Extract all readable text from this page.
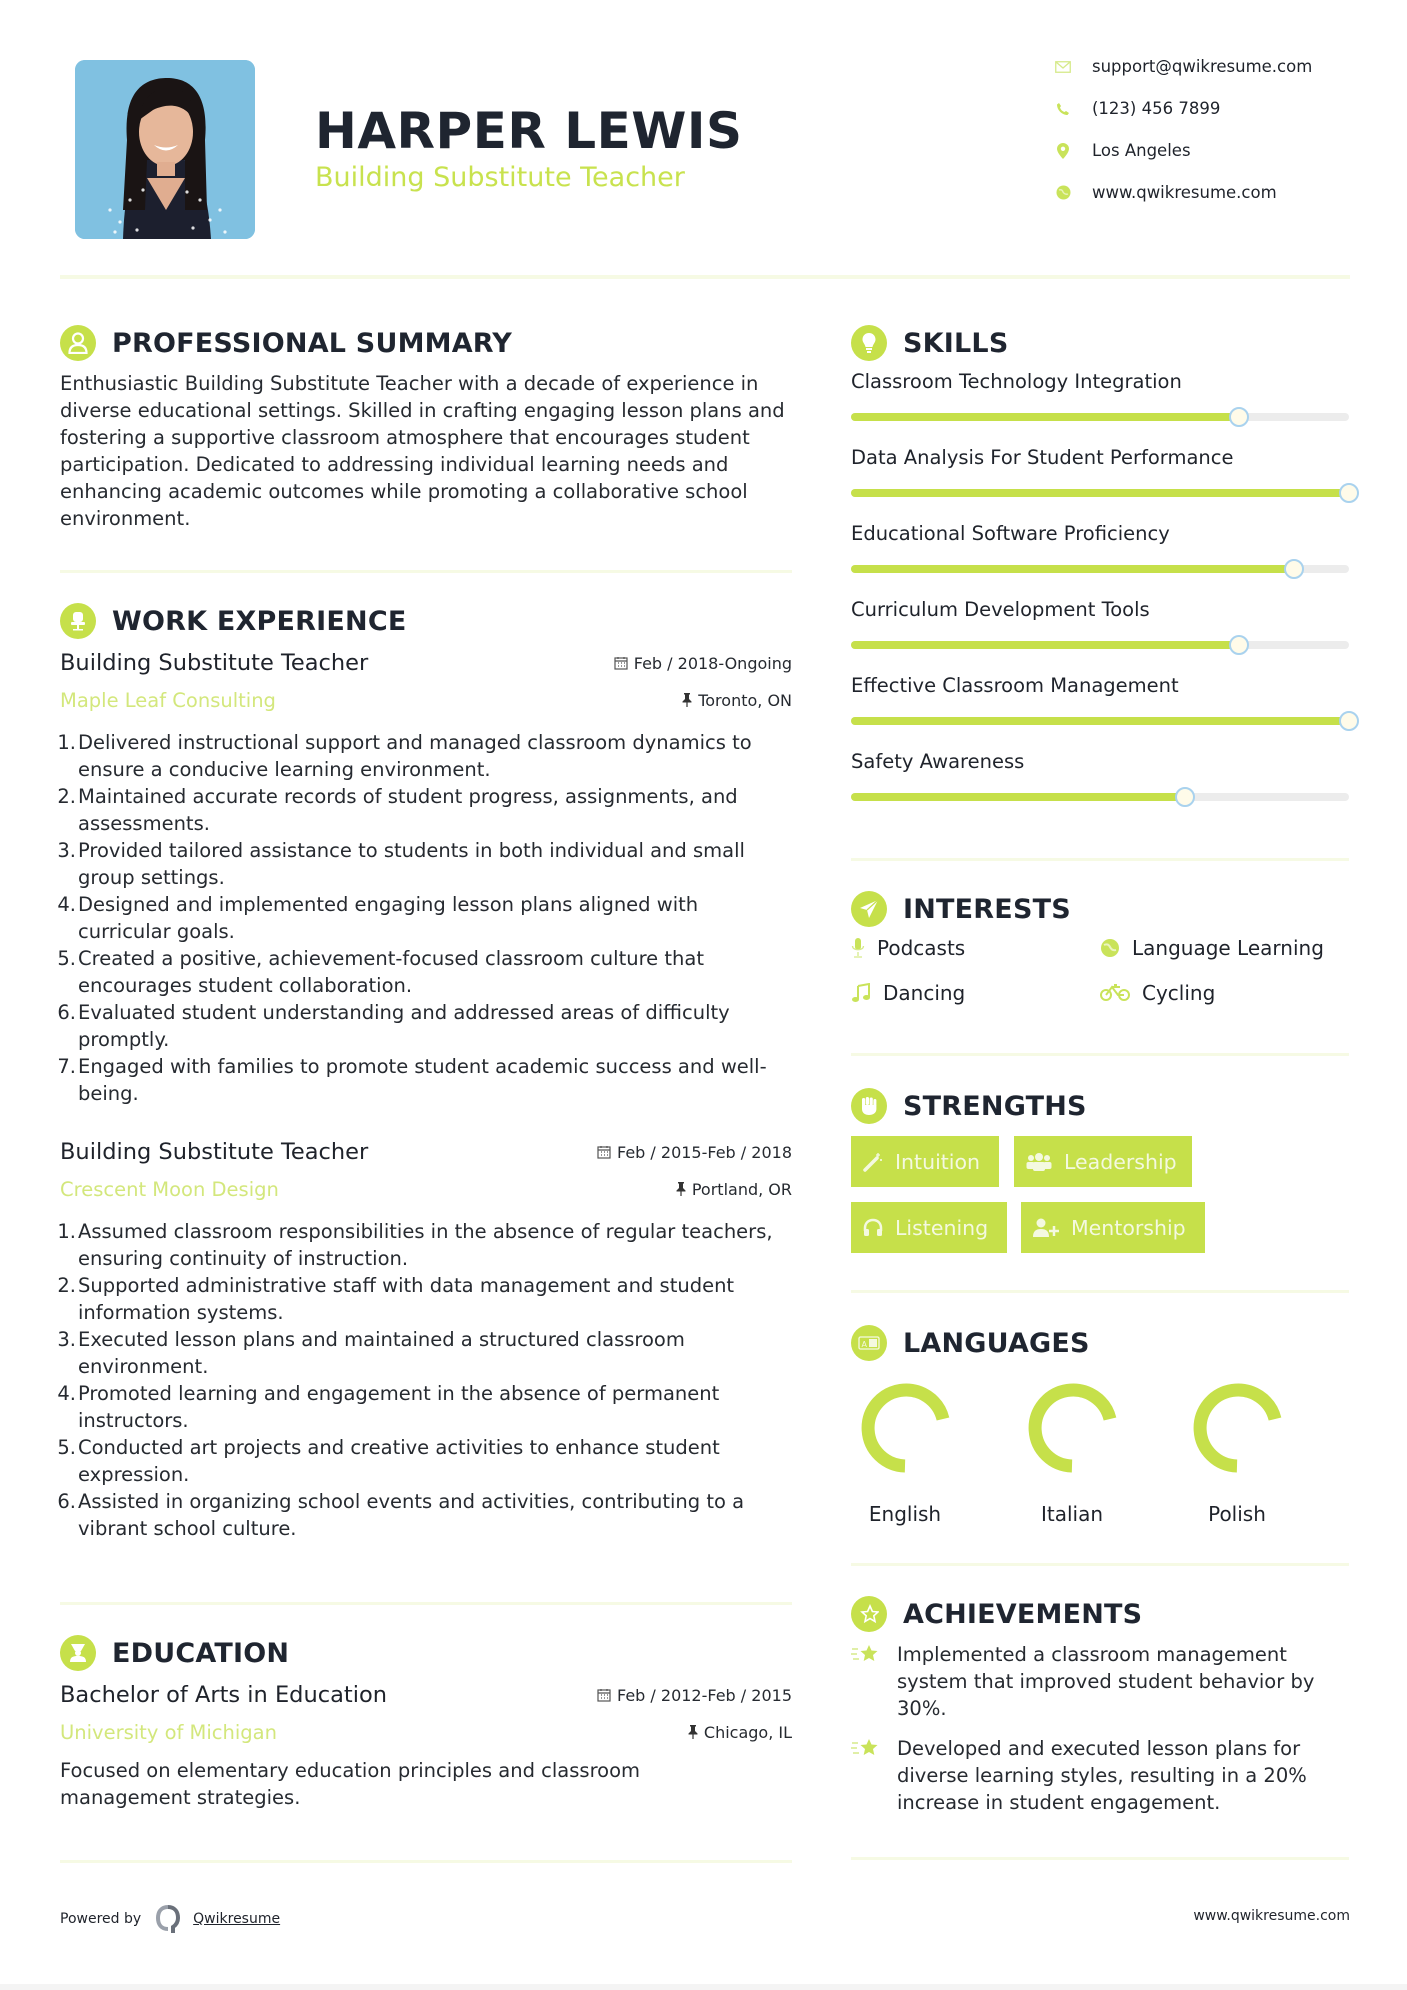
HARPER LEWIS
Building Substitute Teacher
support@qwikresume.com
(123) 456 7899
Los Angeles
www.qwikresume.com
PROFESSIONAL SUMMARY
Enthusiastic Building Substitute Teacher with a decade of experience in diverse educational settings. Skilled in crafting engaging lesson plans and fostering a supportive classroom atmosphere that encourages student participation. Dedicated to addressing individual learning needs and enhancing academic outcomes while promoting a collaborative school environment.
WORK EXPERIENCE
Building Substitute Teacher	Feb / 2018-Ongoing
Maple Leaf Consulting	Toronto, ON
Delivered instructional support and managed classroom dynamics to ensure a conducive learning environment.
Maintained accurate records of student progress, assignments, and assessments.
Provided tailored assistance to students in both individual and small group settings.
Designed and implemented engaging lesson plans aligned with curricular goals.
Created a positive, achievement-focused classroom culture that encourages student collaboration.
Evaluated student understanding and addressed areas of difficulty promptly.
Engaged with families to promote student academic success and well-being.
Building Substitute Teacher	Feb / 2015-Feb / 2018
Crescent Moon Design	Portland, OR
Assumed classroom responsibilities in the absence of regular teachers, ensuring continuity of instruction.
Supported administrative staff with data management and student information systems.
Executed lesson plans and maintained a structured classroom environment.
Promoted learning and engagement in the absence of permanent instructors.
Conducted art projects and creative activities to enhance student expression.
Assisted in organizing school events and activities, contributing to a vibrant school culture.
EDUCATION
Bachelor of Arts in Education	Feb / 2012-Feb / 2015
University of Michigan	Chicago, IL
Focused on elementary education principles and classroom management strategies.
SKILLS
Classroom Technology Integration
Data Analysis For Student Performance
Educational Software Proficiency
Curriculum Development Tools
Effective Classroom Management
Safety Awareness
INTERESTS
Podcasts	Language Learning
Dancing	Cycling
STRENGTHS
Intuition	Leadership
Listening	Mentorship
A LANGUAGES
English	Italian	Polish
ACHIEVEMENTS
Implemented a classroom management system that improved student behavior by 30%.
Developed and executed lesson plans for diverse learning styles, resulting in a 20% increase in student engagement.
Powered by	Qwikresume	www.qwikresume.com
